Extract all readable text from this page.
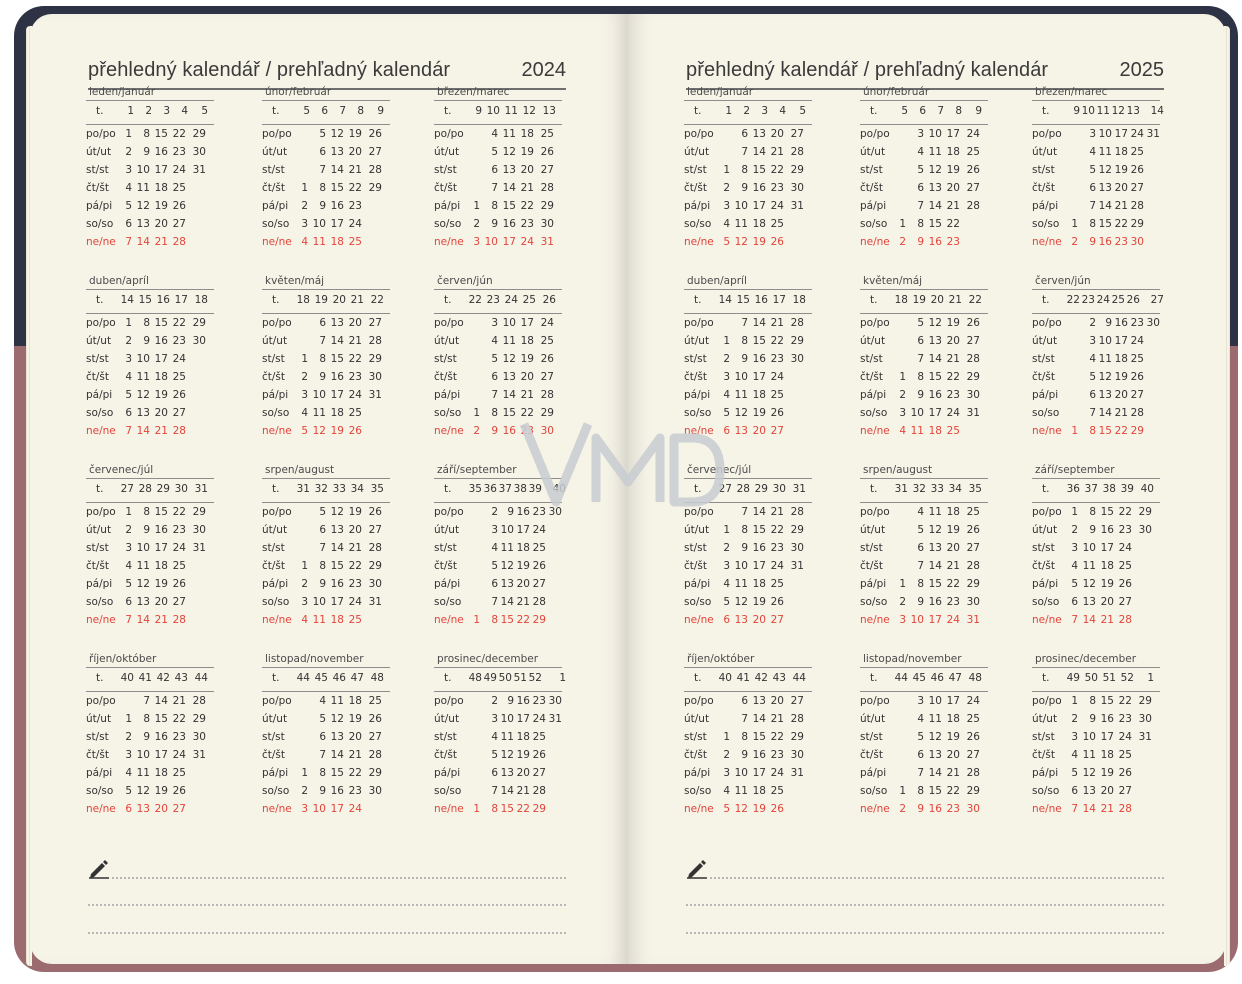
přehledný kalendář / prehľadný kalendár	2024
leden/január
t.	1	2	3	4	5
po/po 1	8 15 22 29
út/ut	2	9 16 23 30
st/st	3 10 17 24 31
čt/št	4 11 18 25
pá/pi	5 12 19 26
so/so	6 13 20 27
ne/ne 7 14 21 28
únor/február
t.	5	6	7	8	9
po/po	5 12 19 26
út/ut	6 13 20 27
st/st	7 14 21 28
čt/št	1	8 15 22 29
pá/pi	2	9 16 23
so/so	3 10 17 24
ne/ne 4 11 18 25
březen/marec
t.	9 10 11 12 13
po/po	4 11 18 25
út/ut	5 12 19 26
st/st	6 13 20 27
čt/št	7 14 21 28
pá/pi	1	8 15 22 29
so/so	2	9 16 23 30
ne/ne 3 10 17 24 31
duben/apríl
t. 14 15 16 17 18
po/po 1	8 15 22 29
út/ut	2	9 16 23 30
st/st	3 10 17 24
čt/št	4 11 18 25
pá/pi	5 12 19 26
so/so	6 13 20 27
ne/ne 7 14 21 28
květen/máj
t. 18 19 20 21 22
po/po	6 13 20 27
út/ut	7 14 21 28
st/st	1	8 15 22 29
čt/št	2	9 16 23 30
pá/pi	3 10 17 24 31
so/so	4 11 18 25
ne/ne 5 12 19 26
červen/jún
t. 22 23 24 25 26
po/po	3 10 17 24
út/ut	4 11 18 25
st/st	5 12 19 26
čt/št	6 13 20 27
pá/pi	7 14 21 28
so/so	1	8 15 22 29
ne/ne 2	9 16 23 30
červenec/júl
t. 27 28 29 30 31
po/po 1	8 15 22 29
út/ut	2	9 16 23 30
st/st	3 10 17 24 31
čt/št	4 11 18 25
pá/pi	5 12 19 26
so/so	6 13 20 27
ne/ne 7 14 21 28
srpen/august
t. 31 32 33 34 35
po/po	5 12 19 26
út/ut	6 13 20 27
st/st	7 14 21 28
čt/št	1	8 15 22 29
pá/pi	2	9 16 23 30
so/so	3 10 17 24 31
ne/ne 4 11 18 25
září/september
t. 35 36 37 38 39 40
po/po	2 9 16 23 30
út/ut	3 10 17 24
st/st	4 11 18 25
čt/št	5 12 19 26
pá/pi	6 13 20 27
so/so	7 14 21 28
ne/ne 1	8 15 22 29
říjen/október
t. 40 41 42 43 44
po/po	7 14 21 28
út/ut	1	8 15 22 29
st/st	2	9 16 23 30
čt/št	3 10 17 24 31
pá/pi	4 11 18 25
so/so	5 12 19 26
ne/ne 6 13 20 27
listopad/november
t. 44 45 46 47 48
po/po	4 11 18 25
út/ut	5 12 19 26
st/st	6 13 20 27
čt/št	7 14 21 28
pá/pi	1	8 15 22 29
so/so	2	9 16 23 30
ne/ne 3 10 17 24
prosinec/december
t. 48 49 50 51 52	1
po/po	2 9 16 23 30
út/ut	3 10 17 24 31
st/st	4 11 18 25
čt/št	5 12 19 26
pá/pi	6 13 20 27
so/so	7 14 21 28
ne/ne 1	8 15 22 29
přehledný kalendář / prehľadný kalendár	2025
leden/január
t.	1	2	3	4	5
po/po	6 13 20 27
út/ut	7 14 21 28
st/st	1	8 15 22 29
čt/št	2	9 16 23 30
pá/pi	3 10 17 24 31
so/so	4 11 18 25
ne/ne 5 12 19 26
únor/február
t.	5	6	7	8	9
po/po	3 10 17 24
út/ut	4 11 18 25
st/st	5 12 19 26
čt/št	6 13 20 27
pá/pi	7 14 21 28
so/so	1	8 15 22
ne/ne 2	9 16 23
březen/marec
t.	9 10 11 12 13 14
po/po	3 10 17 24 31
út/ut	4 11 18 25
st/st	5 12 19 26
čt/št	6 13 20 27
pá/pi	7 14 21 28
so/so	1	8 15 22 29
ne/ne 2	9 16 23 30
duben/apríl
t. 14 15 16 17 18
po/po	7 14 21 28
út/ut	1	8 15 22 29
st/st	2	9 16 23 30
čt/št	3 10 17 24
pá/pi	4 11 18 25
so/so	5 12 19 26
ne/ne 6 13 20 27
květen/máj
t. 18 19 20 21 22
po/po	5 12 19 26
út/ut	6 13 20 27
st/st	7 14 21 28
čt/št	1	8 15 22 29
pá/pi	2	9 16 23 30
so/so	3 10 17 24 31
ne/ne 4 11 18 25
červen/jún
t. 22 23 24 25 26 27
po/po	2 9 16 23 30
út/ut	3 10 17 24
st/st	4 11 18 25
čt/št	5 12 19 26
pá/pi	6 13 20 27
so/so	7 14 21 28
ne/ne 1	8 15 22 29
červenec/júl
t. 27 28 29 30 31
po/po	7 14 21 28
út/ut	1	8 15 22 29
st/st	2	9 16 23 30
čt/št	3 10 17 24 31
pá/pi	4 11 18 25
so/so	5 12 19 26
ne/ne 6 13 20 27
srpen/august
t. 31 32 33 34 35
po/po	4 11 18 25
út/ut	5 12 19 26
st/st	6 13 20 27
čt/št	7 14 21 28
pá/pi	1	8 15 22 29
so/so	2	9 16 23 30
ne/ne 3 10 17 24 31
září/september
t. 36 37 38 39 40
po/po 1	8 15 22 29
út/ut	2	9 16 23 30
st/st	3 10 17 24
čt/št	4 11 18 25
pá/pi	5 12 19 26
so/so	6 13 20 27
ne/ne 7 14 21 28
říjen/október
t. 40 41 42 43 44
po/po	6 13 20 27
út/ut	7 14 21 28
st/st	1	8 15 22 29
čt/št	2	9 16 23 30
pá/pi	3 10 17 24 31
so/so	4 11 18 25
ne/ne 5 12 19 26
listopad/november
t. 44 45 46 47 48
po/po	3 10 17 24
út/ut	4 11 18 25
st/st	5 12 19 26
čt/št	6 13 20 27
pá/pi	7 14 21 28
so/so	1	8 15 22 29
ne/ne 2	9 16 23 30
prosinec/december
t. 49 50 51 52	1
po/po 1	8 15 22 29
út/ut	2	9 16 23 30
st/st	3 10 17 24 31
čt/št	4 11 18 25
pá/pi	5 12 19 26
so/so	6 13 20 27
ne/ne 7 14 21 28
